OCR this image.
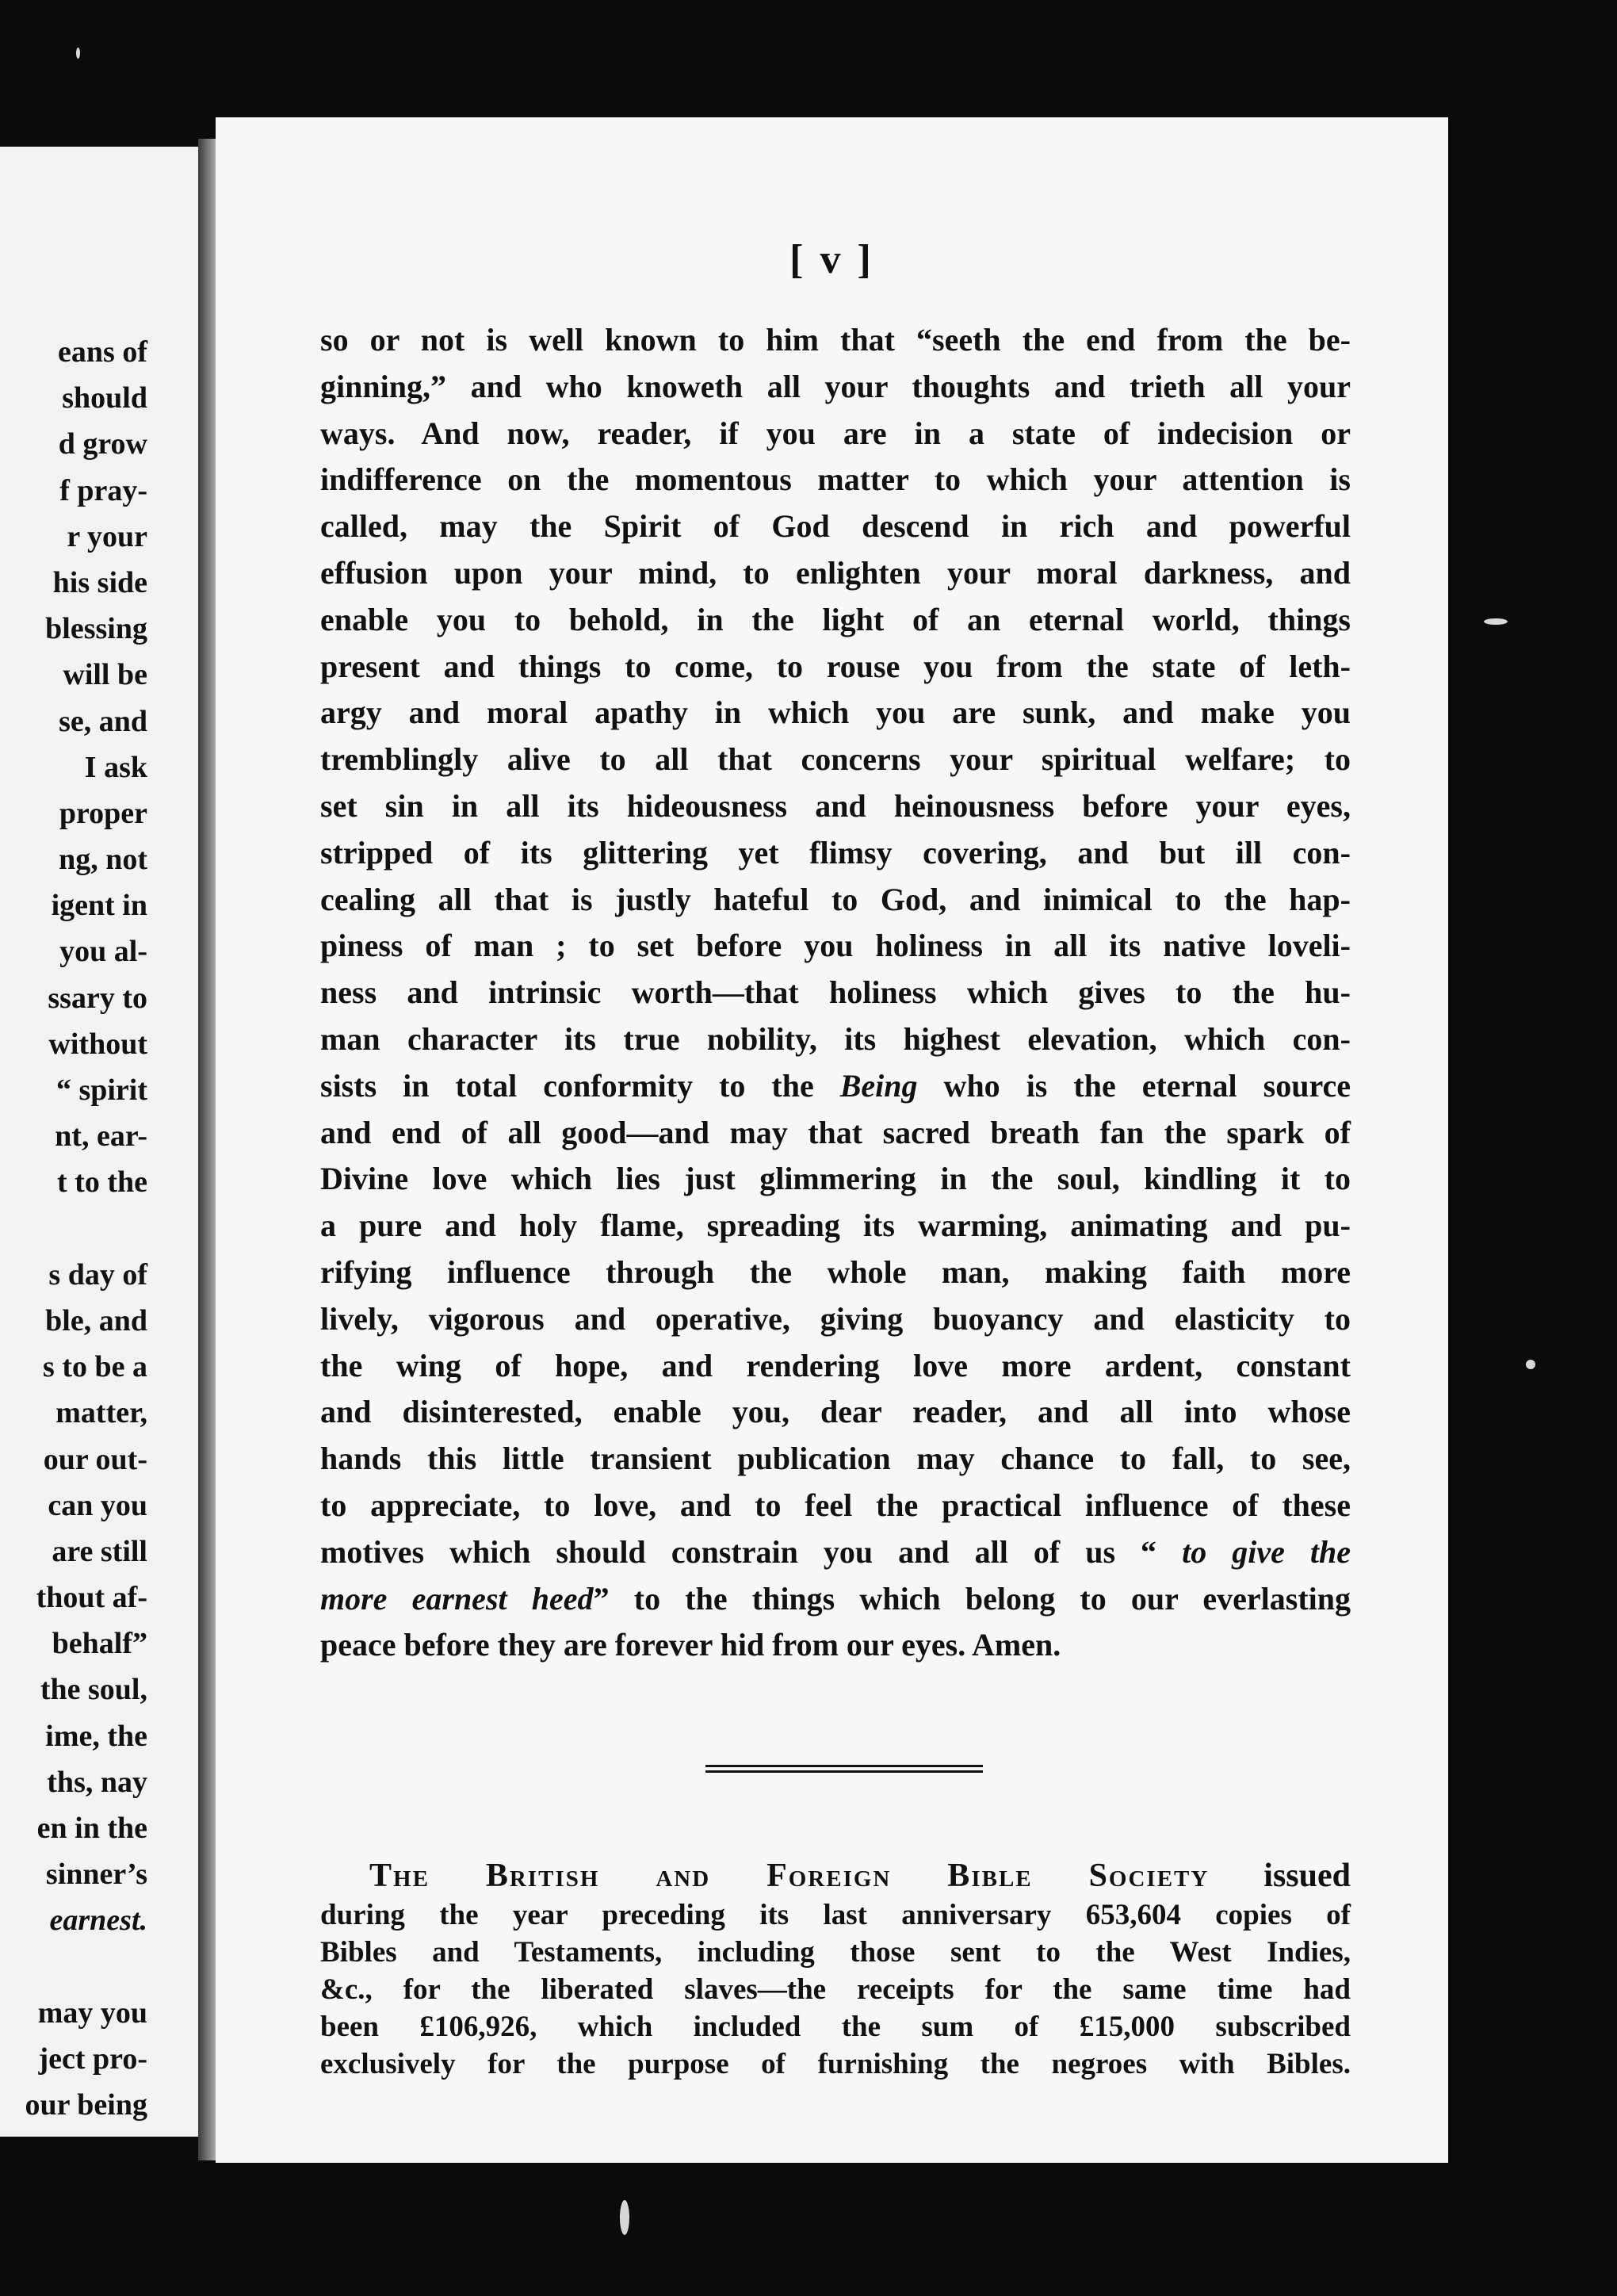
eans of
should
d grow
f pray-
r your
his side
blessing
will be
se, and
I ask
proper
ng, not
igent in
you al-
ssary to
without
“ spirit
nt, ear-
t to the
s day of
ble, and
s to be a
matter,
our out-
can you
are still
thout af-
behalf”
the soul,
ime, the
ths, nay
en in the
sinner’s
earnest.
may you
ject pro-
our being
[ v ]
so or not is well known to him that “seeth the end from the be-
ginning,” and who knoweth all your thoughts and trieth all your
ways. And now, reader, if you are in a state of indecision or
indifference on the momentous matter to which your attention is
called, may the Spirit of God descend in rich and powerful
effusion upon your mind, to enlighten your moral darkness, and
enable you to behold, in the light of an eternal world, things
present and things to come, to rouse you from the state of leth-
argy and moral apathy in which you are sunk, and make you
tremblingly alive to all that concerns your spiritual welfare; to
set sin in all its hideousness and heinousness before your eyes,
stripped of its glittering yet flimsy covering, and but ill con-
cealing all that is justly hateful to God, and inimical to the hap-
piness of man ; to set before you holiness in all its native loveli-
ness and intrinsic worth—that holiness which gives to the hu-
man character its true nobility, its highest elevation, which con-
sists in total conformity to the Being who is the eternal source
and end of all good—and may that sacred breath fan the spark of
Divine love which lies just glimmering in the soul, kindling it to
a pure and holy flame, spreading its warming, animating and pu-
rifying influence through the whole man, making faith more
lively, vigorous and operative, giving buoyancy and elasticity to
the wing of hope, and rendering love more ardent, constant
and disinterested, enable you, dear reader, and all into whose
hands this little transient publication may chance to fall, to see,
to appreciate, to love, and to feel the practical influence of these
motives which should constrain you and all of us “ to give the
more earnest heed” to the things which belong to our everlasting
peace before they are forever hid from our eyes. Amen.
The British and Foreign Bible Society issued
during the year preceding its last anniversary 653,604 copies of
Bibles and Testaments, including those sent to the West Indies,
&c., for the liberated slaves—the receipts for the same time had
been £106,926, which included the sum of £15,000 subscribed
exclusively for the purpose of furnishing the negroes with Bibles.
